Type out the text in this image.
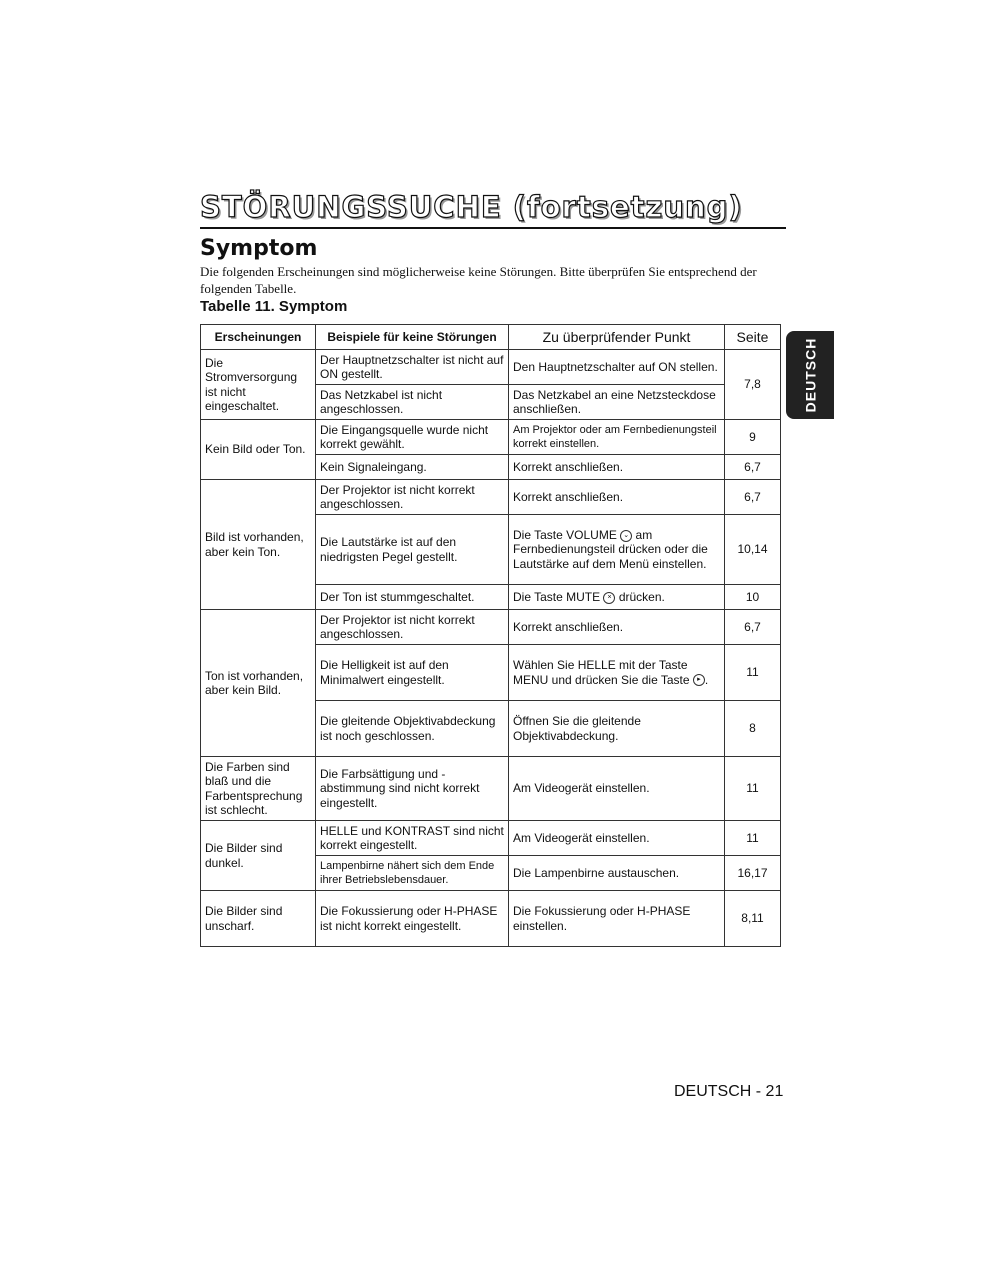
STÖRUNGSSUCHE (fortsetzung)
Symptom
Die folgenden Erscheinungen sind möglicherweise keine Störungen. Bitte überprüfen Sie entsprechend der folgenden Tabelle.
Tabelle 11. Symptom
DEUTSCH
Erscheinungen	Beispiele für keine Störungen	Zu überprüfender Punkt	Seite
Die Stromversorgung ist nicht eingeschaltet.	Der Hauptnetzschalter ist nicht auf ON gestellt.	Den Hauptnetzschalter auf ON stellen.	7,8
	Das Netzkabel ist nicht angeschlossen.	Das Netzkabel an eine Netzsteckdose anschließen.	
Kein Bild oder Ton.	Die Eingangsquelle wurde nicht korrekt gewählt.	Am Projektor oder am Fernbedienungsteil korrekt einstellen.	9
	Kein Signaleingang.	Korrekt anschließen.	6,7
Bild ist vorhanden, aber kein Ton.	Der Projektor ist nicht korrekt angeschlossen.	Korrekt anschließen.	6,7
	Die Lautstärke ist auf den niedrigsten Pegel gestellt.	Die Taste VOLUME ⌄ am Fernbedienungsteil drücken oder die Lautstärke auf dem Menü einstellen.	10,14
	Der Ton ist stummgeschaltet.	Die Taste MUTE × drücken.	10
Ton ist vorhanden, aber kein Bild.	Der Projektor ist nicht korrekt angeschlossen.	Korrekt anschließen.	6,7
	Die Helligkeit ist auf den Minimalwert eingestellt.	Wählen Sie HELLE mit der Taste MENU und drücken Sie die Taste ▸ .	11
	Die gleitende Objektivabdeckung ist noch geschlossen.	Öffnen Sie die gleitende Objektivabdeckung.	8
Die Farben sind blaß und die Farbentsprechung ist schlecht.	Die Farbsättigung und -abstimmung sind nicht korrekt eingestellt.	Am Videogerät einstellen.	11
Die Bilder sind dunkel.	HELLE und KONTRAST sind nicht korrekt eingestellt.	Am Videogerät einstellen.	11
	Lampenbirne nähert sich dem Ende ihrer Betriebslebensdauer.	Die Lampenbirne austauschen.	16,17
Die Bilder sind unscharf.	Die Fokussierung oder H-PHASE ist nicht korrekt eingestellt.	Die Fokussierung oder H-PHASE einstellen.	8,11
DEUTSCH - 21
